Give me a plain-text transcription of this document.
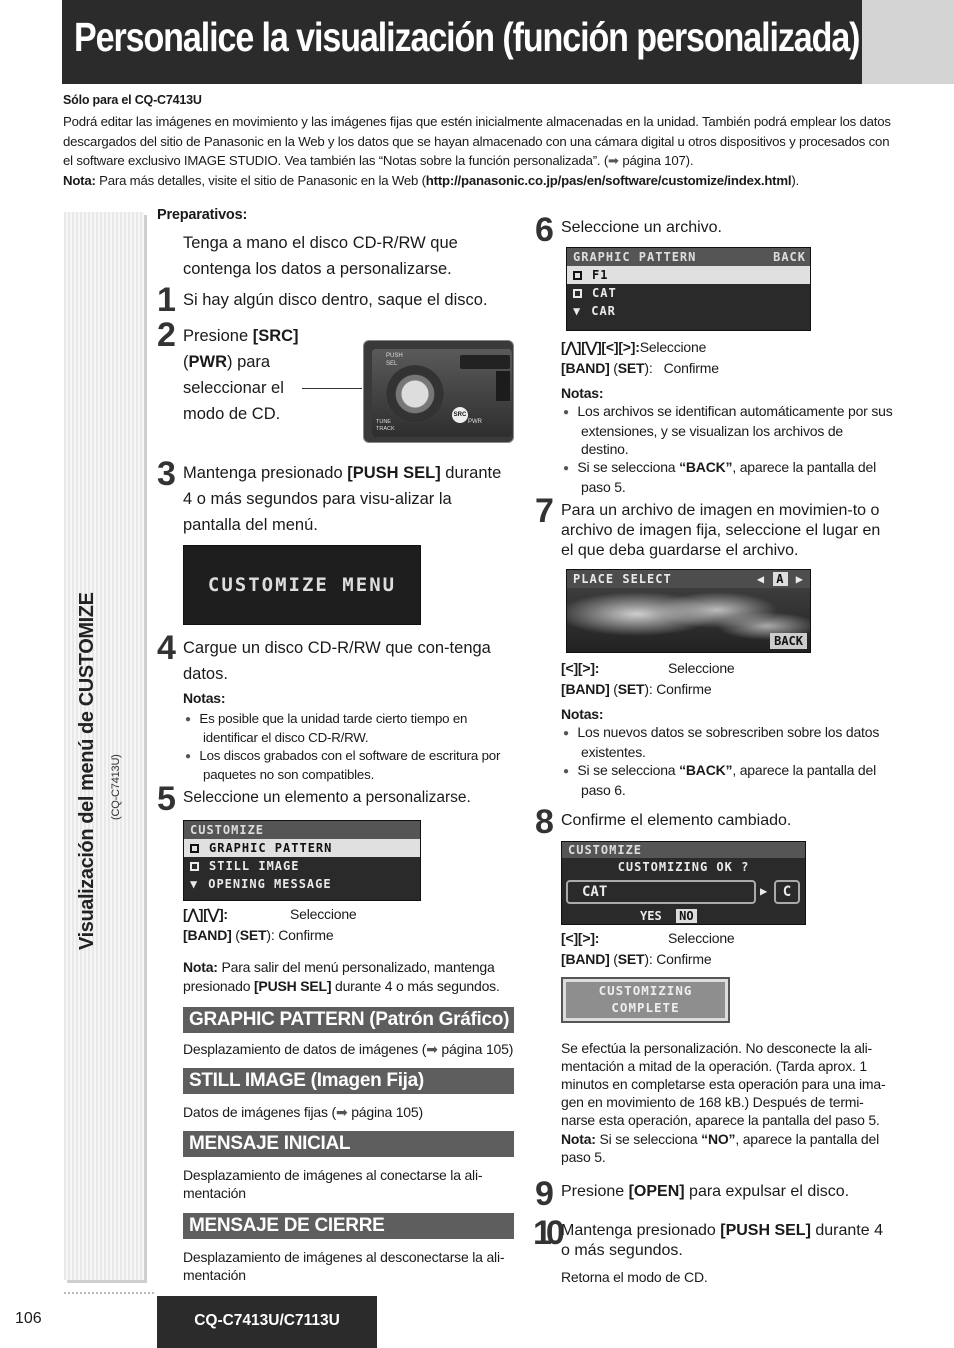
Personalice la visualización (función personalizada)
Sólo para el CQ-C7413U
Podrá editar las imágenes en movimiento y las imágenes fijas que estén inicialmente almacenadas en la unidad. También podrá emplear los datos descargados del sitio de Panasonic en la Web y los datos que se hayan almacenado con una cámara digital u otros dispositivos y procesados con el software exclusivo IMAGE STUDIO. Vea también las “Notas sobre la función personalizada”. (➡ página 107).
Nota: Para más detalles, visite el sitio de Panasonic en la Web (http://panasonic.co.jp/pas/en/software/customize/index.html).
Visualización del menú de CUSTOMIZE (CQ-C7413U)
Preparativos:
Tenga a mano el disco CD-R/RW que contenga los datos a personalizarse.
1 Si hay algún disco dentro, saque el disco.
2 Presione [SRC]
(PWR) para seleccionar el modo de CD.	SRC
PWR
PUSH
SEL
TUNE
TRACK
3 Mantenga presionado [PUSH SEL] durante 4 o más segundos para visu-alizar la pantalla del menú.
CUSTOMIZE MENU
4 Cargue un disco CD-R/RW que con-tenga datos.
Notas:
● Es posible que la unidad tarde cierto tiempo en identificar el disco CD-R/RW.
● Los discos grabados con el software de escritura por paquetes no son compatibles.
5 Seleccione un elemento a personalizarse.
CUSTOMIZE
GRAPHIC PATTERN
STILL IMAGE
▼ OPENING MESSAGE
[⋀][⋁]:	Seleccione
[BAND] (SET): Confirme
Nota: Para salir del menú personalizado, mantenga presionado [PUSH SEL] durante 4 o más segundos.
GRAPHIC PATTERN (Patrón Gráfico)
Desplazamiento de datos de imágenes (➡ página 105)
STILL IMAGE (Imagen Fija)
Datos de imágenes fijas (➡ página 105)
MENSAJE INICIAL
Desplazamiento de imágenes al conectarse la ali-mentación
MENSAJE DE CIERRE
Desplazamiento de imágenes al desconectarse la ali-mentación
6 Seleccione un archivo.
GRAPHIC PATTERN	BACK
F1
CAT
▼ CAR
[⋀][⋁][<][>]:Seleccione
[BAND] (SET): Confirme
Notas:
● Los archivos se identifican automáticamente por sus extensiones, y se visualizan los archivos de destino.
● Si se selecciona “BACK”, aparece la pantalla del paso 5.
7 Para un archivo de imagen en movimien-to o archivo de imagen fija, seleccione el lugar en el que deba guardarse el archivo.
PLACE SELECT	◀ A ▶
BACK
[<][>]:	Seleccione
[BAND] (SET): Confirme
Notas:
● Los nuevos datos se sobrescriben sobre los datos existentes.
● Si se selecciona “BACK”, aparece la pantalla del paso 6.
8 Confirme el elemento cambiado.
CUSTOMIZE
CUSTOMIZING OK ?
CAT	▶	C
YES NO
[<][>]:	Seleccione
[BAND] (SET): Confirme
CUSTOMIZING
COMPLETE
Se efectúa la personalización. No desconecte la ali-mentación a mitad de la operación. (Tarda aprox. 1 minutos en completarse esta operación para una ima-gen en movimiento de 168 kB.) Después de termi-narse esta operación, aparece la pantalla del paso 5.
Nota: Si se selecciona “NO”, aparece la pantalla del paso 5.
9 Presione [OPEN] para expulsar el disco.
10 Mantenga presionado [PUSH SEL] durante 4 o más segundos.
Retorna el modo de CD.
106	CQ-C7413U/C7113U
